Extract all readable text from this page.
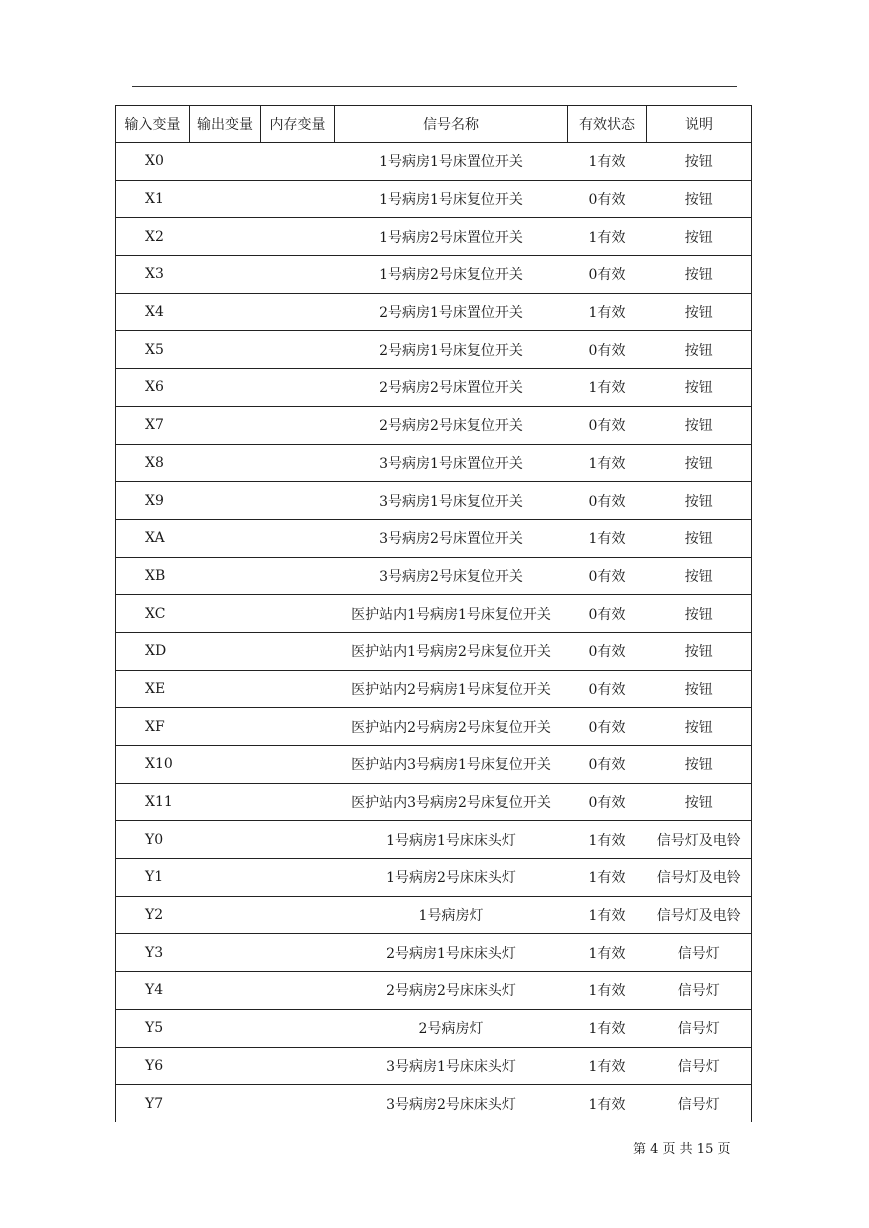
输入变量	输出变量	内存变量	信号名称	有效状态	说明
X0			1号病房1号床置位开关	1有效	按钮
X1			1号病房1号床复位开关	0有效	按钮
X2			1号病房2号床置位开关	1有效	按钮
X3			1号病房2号床复位开关	0有效	按钮
X4			2号病房1号床置位开关	1有效	按钮
X5			2号病房1号床复位开关	0有效	按钮
X6			2号病房2号床置位开关	1有效	按钮
X7			2号病房2号床复位开关	0有效	按钮
X8			3号病房1号床置位开关	1有效	按钮
X9			3号病房1号床复位开关	0有效	按钮
XA			3号病房2号床置位开关	1有效	按钮
XB			3号病房2号床复位开关	0有效	按钮
XC			医护站内1号病房1号床复位开关	0有效	按钮
XD			医护站内1号病房2号床复位开关	0有效	按钮
XE			医护站内2号病房1号床复位开关	0有效	按钮
XF			医护站内2号病房2号床复位开关	0有效	按钮
X10			医护站内3号病房1号床复位开关	0有效	按钮
X11			医护站内3号病房2号床复位开关	0有效	按钮
Y0			1号病房1号床床头灯	1有效	信号灯及电铃
Y1			1号病房2号床床头灯	1有效	信号灯及电铃
Y2			1号病房灯	1有效	信号灯及电铃
Y3			2号病房1号床床头灯	1有效	信号灯
Y4			2号病房2号床床头灯	1有效	信号灯
Y5			2号病房灯	1有效	信号灯
Y6			3号病房1号床床头灯	1有效	信号灯
Y7			3号病房2号床床头灯	1有效	信号灯
第 4 页 共 15 页
